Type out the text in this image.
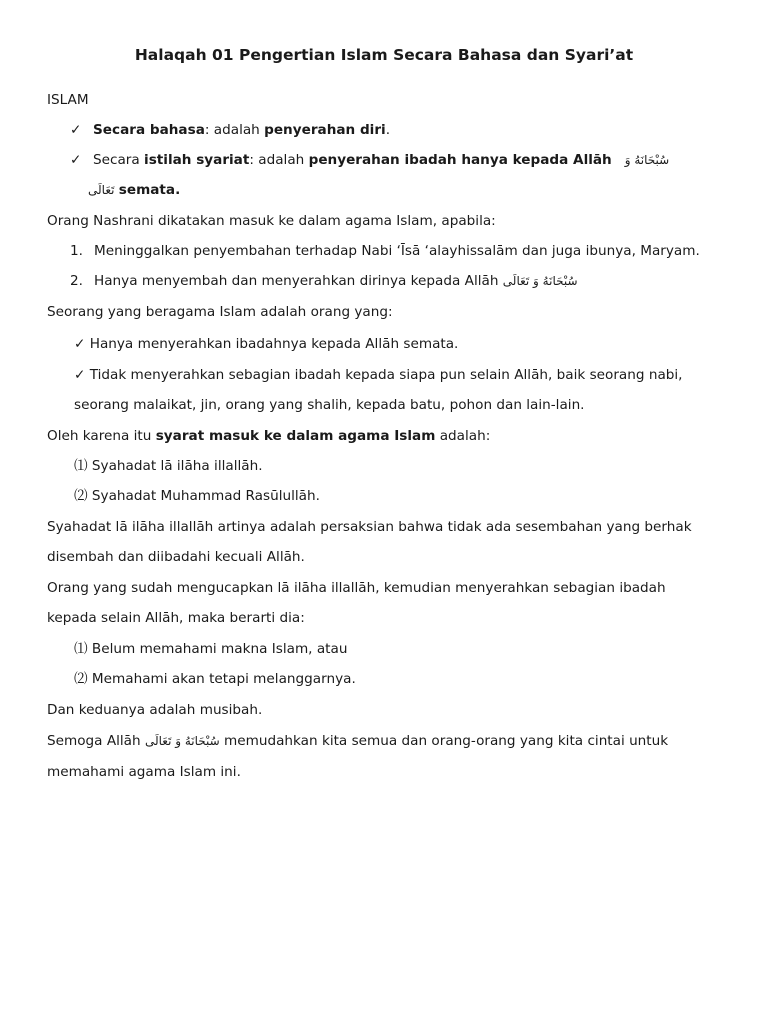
Halaqah 01 Pengertian Islam Secara Bahasa dan Syari’at
ISLAM
✓ Secara bahasa: adalah penyerahan diri.
✓ Secara istilah syariat: adalah penyerahan ibadah hanya kepada Allāh سُبْحَانَهُ وَ
تَعَالَى semata.
Orang Nashrani dikatakan masuk ke dalam agama Islam, apabila:
1. Meninggalkan penyembahan terhadap Nabi ‘Īsā ‘alayhissalām dan juga ibunya, Maryam.
2. Hanya menyembah dan menyerahkan dirinya kepada Allāh سُبْحَانَهُ وَ تَعَالَى
Seorang yang beragama Islam adalah orang yang:
✓ Hanya menyerahkan ibadahnya kepada Allāh semata.
✓ Tidak menyerahkan sebagian ibadah kepada siapa pun selain Allāh, baik seorang nabi,
seorang malaikat, jin, orang yang shalih, kepada batu, pohon dan lain-lain.
Oleh karena itu syarat masuk ke dalam agama Islam adalah:
⑴ Syahadat lā ilāha illallāh.
⑵ Syahadat Muhammad Rasūlullāh.
Syahadat lā ilāha illallāh artinya adalah persaksian bahwa tidak ada sesembahan yang berhak
disembah dan diibadahi kecuali Allāh.
Orang yang sudah mengucapkan lā ilāha illallāh, kemudian menyerahkan sebagian ibadah
kepada selain Allāh, maka berarti dia:
⑴ Belum memahami makna Islam, atau
⑵ Memahami akan tetapi melanggarnya.
Dan keduanya adalah musibah.
Semoga Allāh سُبْحَانَهُ وَ تَعَالَى memudahkan kita semua dan orang-orang yang kita cintai untuk
memahami agama Islam ini.
